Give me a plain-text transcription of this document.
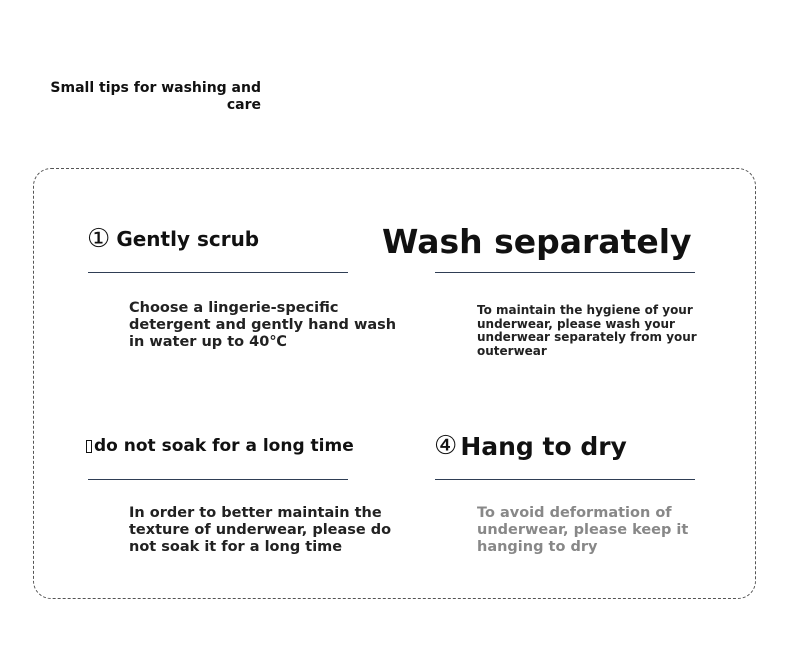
Small tips for washing and care
① Gently scrub
Choose a lingerie-specific detergent and gently hand wash in water up to 40℃
Wash separately
To maintain the hygiene of your underwear, please wash your underwear separately from your outerwear
do not soak for a long time
In order to better maintain the texture of underwear, please do not soak it for a long time
④ Hang to dry
To avoid deformation of underwear, please keep it hanging to dry
